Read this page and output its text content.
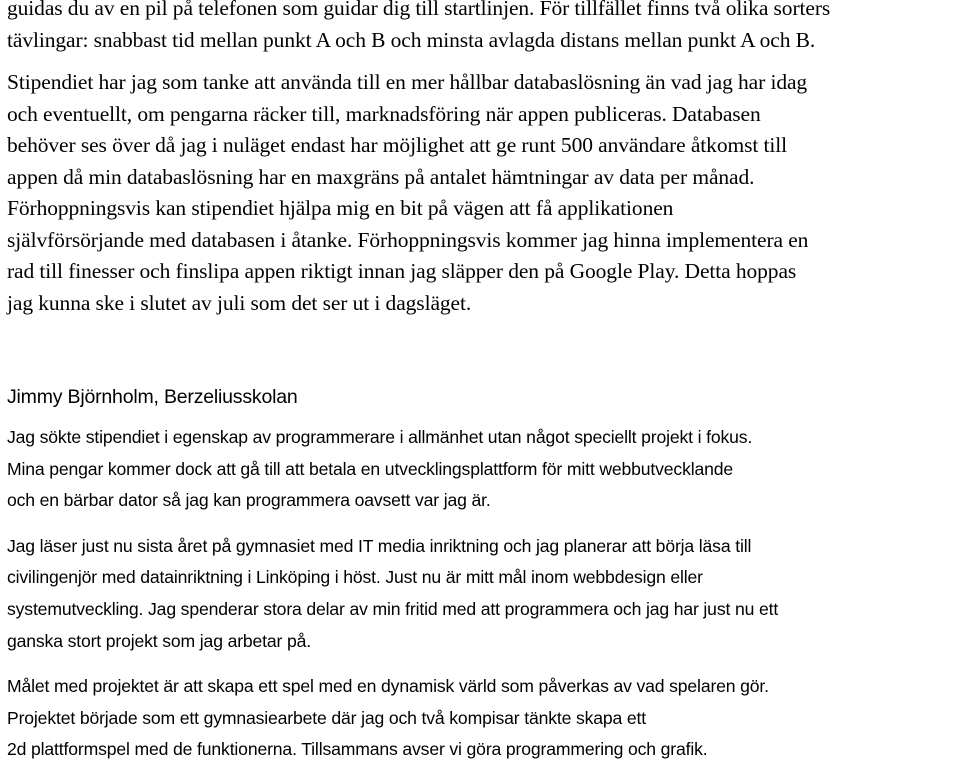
guidas du av en pil på telefonen som guidar dig till startlinjen. För tillfället finns två olika sorters
tävlingar: snabbast tid mellan punkt A och B och minsta avlagda distans mellan punkt A och B.
Stipendiet har jag som tanke att använda till en mer hållbar databaslösning än vad jag har idag
och eventuellt, om pengarna räcker till, marknadsföring när appen publiceras. Databasen
behöver ses över då jag i nuläget endast har möjlighet att ge runt 500 användare åtkomst till
appen då min databaslösning har en maxgräns på antalet hämtningar av data per månad.
Förhoppningsvis kan stipendiet hjälpa mig en bit på vägen att få applikationen
självförsörjande med databasen i åtanke. Förhoppningsvis kommer jag hinna implementera en
rad till finesser och finslipa appen riktigt innan jag släpper den på Google Play. Detta hoppas
jag kunna ske i slutet av juli som det ser ut i dagsläget.
Jimmy Björnholm, Berzeliusskolan
Jag sökte stipendiet i egenskap av programmerare i allmänhet utan något speciellt projekt i fokus.
Mina pengar kommer dock att gå till att betala en utvecklingsplattform för mitt webbutvecklande
och en bärbar dator så jag kan programmera oavsett var jag är.
Jag läser just nu sista året på gymnasiet med IT media inriktning och jag planerar att börja läsa till
civilingenjör med datainriktning i Linköping i höst. Just nu är mitt mål inom webbdesign eller
systemutveckling. Jag spenderar stora delar av min fritid med att programmera och jag har just nu ett
ganska stort projekt som jag arbetar på.
Målet med projektet är att skapa ett spel med en dynamisk värld som påverkas av vad spelaren gör.
Projektet började som ett gymnasiearbete där jag och två kompisar tänkte skapa ett
2d plattformspel med de funktionerna. Tillsammans avser vi göra programmering och grafik.
